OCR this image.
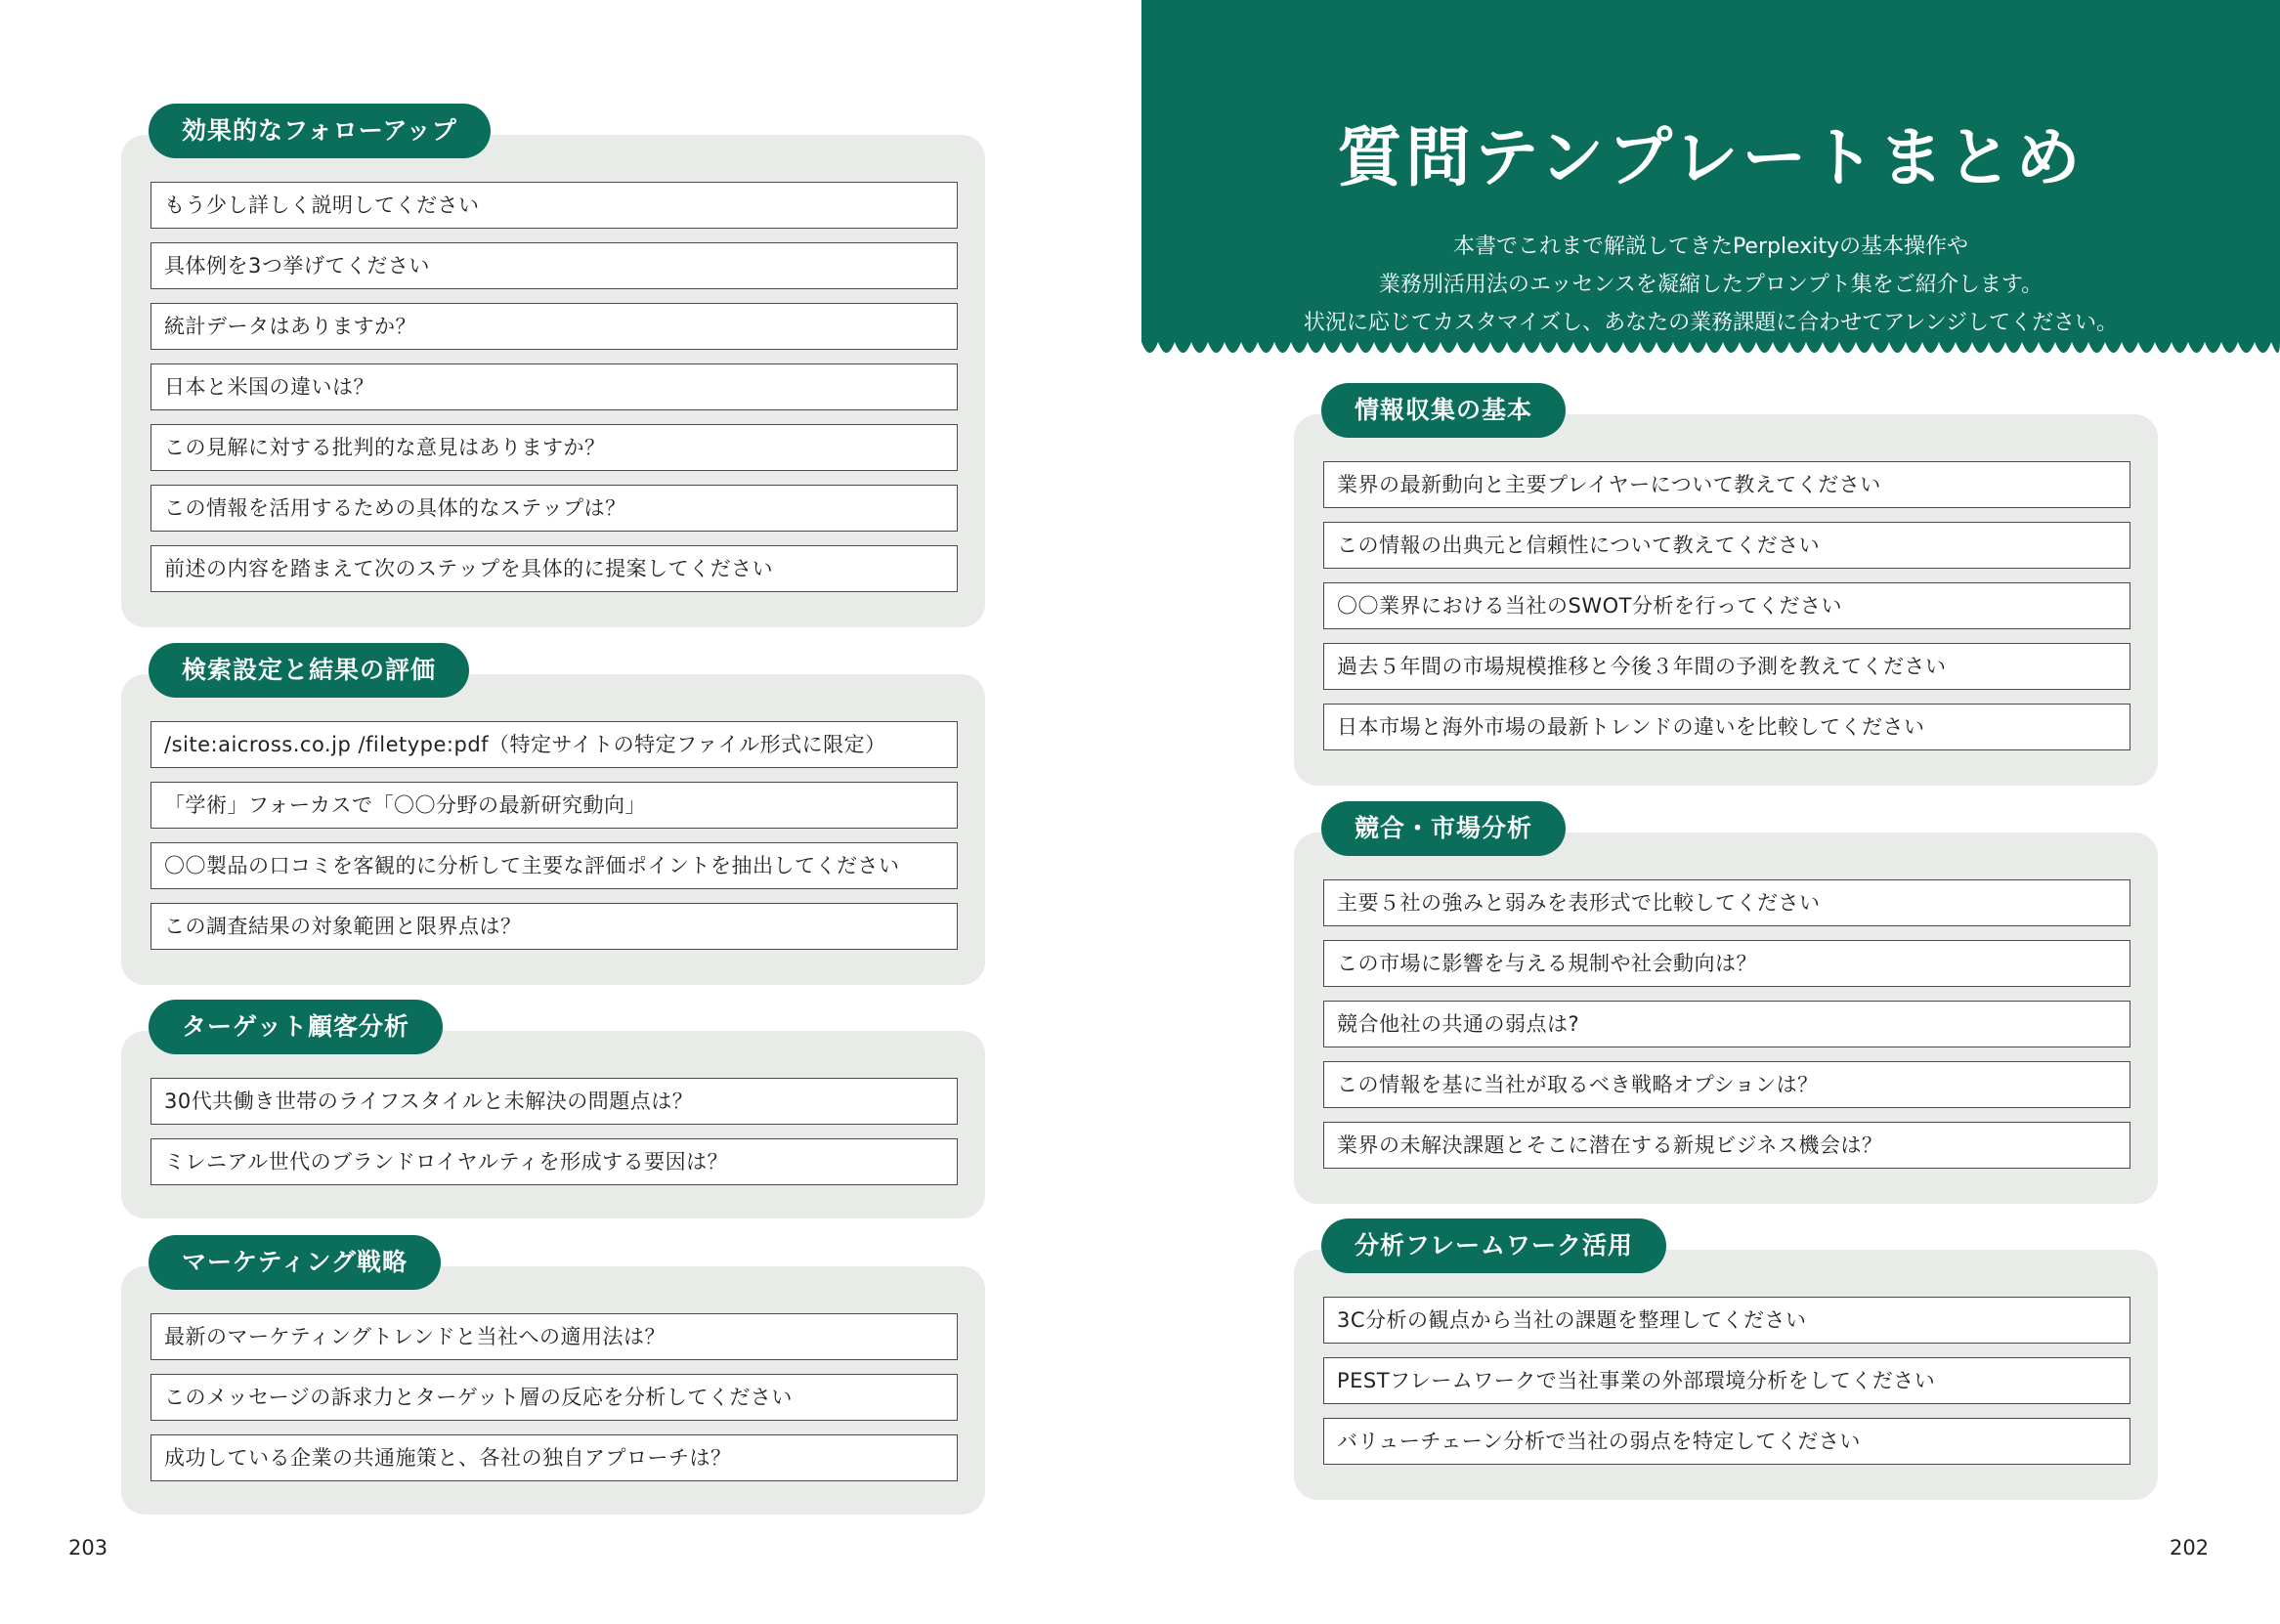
203	202
質問テンプレートまとめ
本書でこれまで解説してきたPerplexityの基本操作や
業務別活用法のエッセンスを凝縮したプロンプト集をご紹介します。
状況に応じてカスタマイズし、あなたの業務課題に合わせてアレンジしてください。
効果的なフォローアップ
もう少し詳しく説明してください
具体例を3つ挙げてください
統計データはありますか？
日本と米国の違いは？
この見解に対する批判的な意見はありますか？
この情報を活用するための具体的なステップは？
前述の内容を踏まえて次のステップを具体的に提案してください
検索設定と結果の評価
/site:aicross.co.jp /filetype:pdf（特定サイトの特定ファイル形式に限定）
「学術」フォーカスで「〇〇分野の最新研究動向」
〇〇製品の口コミを客観的に分析して主要な評価ポイントを抽出してください
この調査結果の対象範囲と限界点は？
ターゲット顧客分析
30代共働き世帯のライフスタイルと未解決の問題点は？
ミレニアル世代のブランドロイヤルティを形成する要因は？
マーケティング戦略
最新のマーケティングトレンドと当社への適用法は？
このメッセージの訴求力とターゲット層の反応を分析してください
成功している企業の共通施策と、各社の独自アプローチは？
情報収集の基本
業界の最新動向と主要プレイヤーについて教えてください
この情報の出典元と信頼性について教えてください
〇〇業界における当社のSWOT分析を行ってください
過去５年間の市場規模推移と今後３年間の予測を教えてください
日本市場と海外市場の最新トレンドの違いを比較してください
競合・市場分析
主要５社の強みと弱みを表形式で比較してください
この市場に影響を与える規制や社会動向は？
競合他社の共通の弱点は?
この情報を基に当社が取るべき戦略オプションは？
業界の未解決課題とそこに潜在する新規ビジネス機会は？
分析フレームワーク活用
3C分析の観点から当社の課題を整理してください
PESTフレームワークで当社事業の外部環境分析をしてください
バリューチェーン分析で当社の弱点を特定してください
